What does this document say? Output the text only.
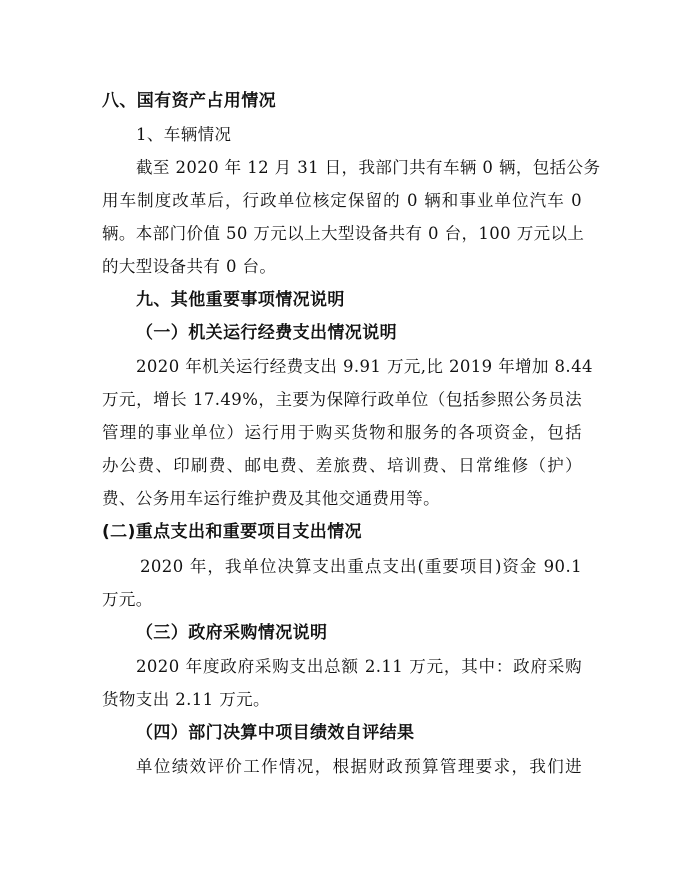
八、国有资产占用情况
1、车辆情况
截至 2020 年 12 月 31 日，我部门共有车辆 0 辆，包括公务
用车制度改革后，行政单位核定保留的 0 辆和事业单位汽车 0
辆。本部门价值 50 万元以上大型设备共有 0 台，100 万元以上
的大型设备共有 0 台。
九、其他重要事项情况说明
（一）机关运行经费支出情况说明
2020 年机关运行经费支出 9.91 万元,比 2019 年增加 8.44
万元，增长 17.49%，主要为保障行政单位（包括参照公务员法
管理的事业单位）运行用于购买货物和服务的各项资金，包括
办公费、印刷费、邮电费、差旅费、培训费、日常维修（护）
费、公务用车运行维护费及其他交通费用等。
(二)重点支出和重要项目支出情况
2020 年，我单位决算支出重点支出(重要项目)资金 90.1
万元。
（三）政府采购情况说明
2020 年度政府采购支出总额 2.11 万元，其中：政府采购
货物支出 2.11 万元。
（四）部门决算中项目绩效自评结果
单位绩效评价工作情况，根据财政预算管理要求，我们进
